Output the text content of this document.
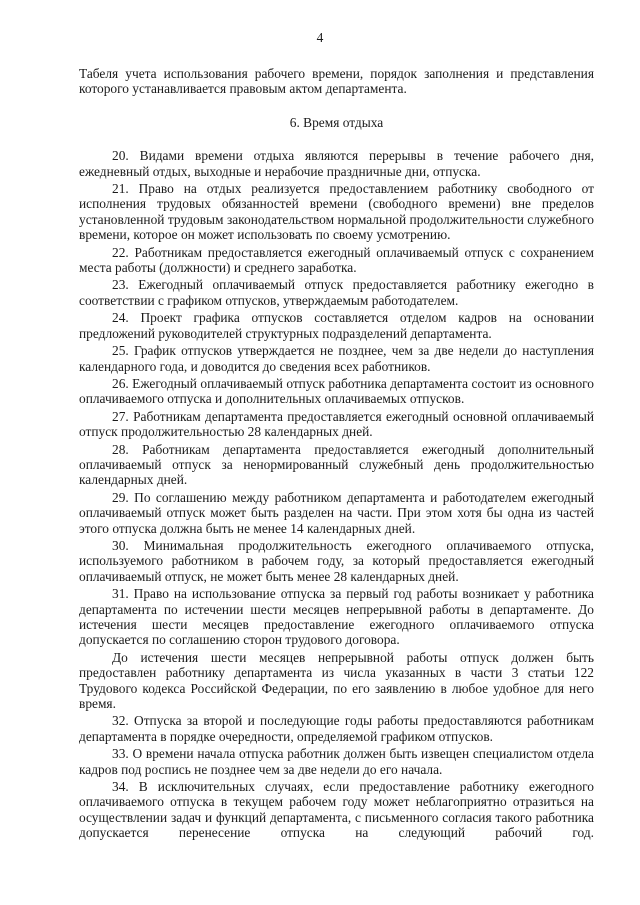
4

Табеля учета использования рабочего времени, порядок заполнения и представления которого устанавливается правовым актом департамента.

6. Время отдыха

20. Видами времени отдыха являются перерывы в течение рабочего дня, ежедневный отдых, выходные и нерабочие праздничные дни, отпуска.

21. Право на отдых реализуется предоставлением работнику свободного от исполнения трудовых обязанностей времени (свободного времени) вне пределов установленной трудовым законодательством нормальной продолжительности служебного времени, которое он может использовать по своему усмотрению.

22. Работникам предоставляется ежегодный оплачиваемый отпуск с сохранением места работы (должности) и среднего заработка.

23. Ежегодный оплачиваемый отпуск предоставляется работнику ежегодно в соответствии с графиком отпусков, утверждаемым работодателем.

24. Проект графика отпусков составляется отделом кадров на основании предложений руководителей структурных подразделений департамента.

25. График отпусков утверждается не позднее, чем за две недели до наступления календарного года, и доводится до сведения всех работников.

26. Ежегодный оплачиваемый отпуск работника департамента состоит из основного оплачиваемого отпуска и дополнительных оплачиваемых отпусков.

27. Работникам департамента предоставляется ежегодный основной оплачиваемый отпуск продолжительностью 28 календарных дней.

28. Работникам департамента предоставляется ежегодный дополнительный оплачиваемый отпуск за ненормированный служебный день продолжительностью календарных дней.

29. По соглашению между работником департамента и работодателем ежегодный оплачиваемый отпуск может быть разделен на части. При этом хотя бы одна из частей этого отпуска должна быть не менее 14 календарных дней.

30. Минимальная продолжительность ежегодного оплачиваемого отпуска, используемого работником в рабочем году, за который предоставляется ежегодный оплачиваемый отпуск, не может быть менее 28 календарных дней.

31. Право на использование отпуска за первый год работы возникает у работника департамента по истечении шести месяцев непрерывной работы в департаменте. До истечения шести месяцев предоставление ежегодного оплачиваемого отпуска допускается по соглашению сторон трудового договора.

До истечения шести месяцев непрерывной работы отпуск должен быть предоставлен работнику департамента из числа указанных в части 3 статьи 122 Трудового кодекса Российской Федерации, по его заявлению в любое удобное для него время.

32. Отпуска за второй и последующие годы работы предоставляются работникам департамента в порядке очередности, определяемой графиком отпусков.

33. О времени начала отпуска работник должен быть извещен специалистом отдела кадров под роспись не позднее чем за две недели до его начала.

34. В исключительных случаях, если предоставление работнику ежегодного оплачиваемого отпуска в текущем рабочем году может неблагоприятно отразиться на осуществлении задач и функций департамента, с письменного согласия такого работника допускается перенесение отпуска на следующий рабочий год.
